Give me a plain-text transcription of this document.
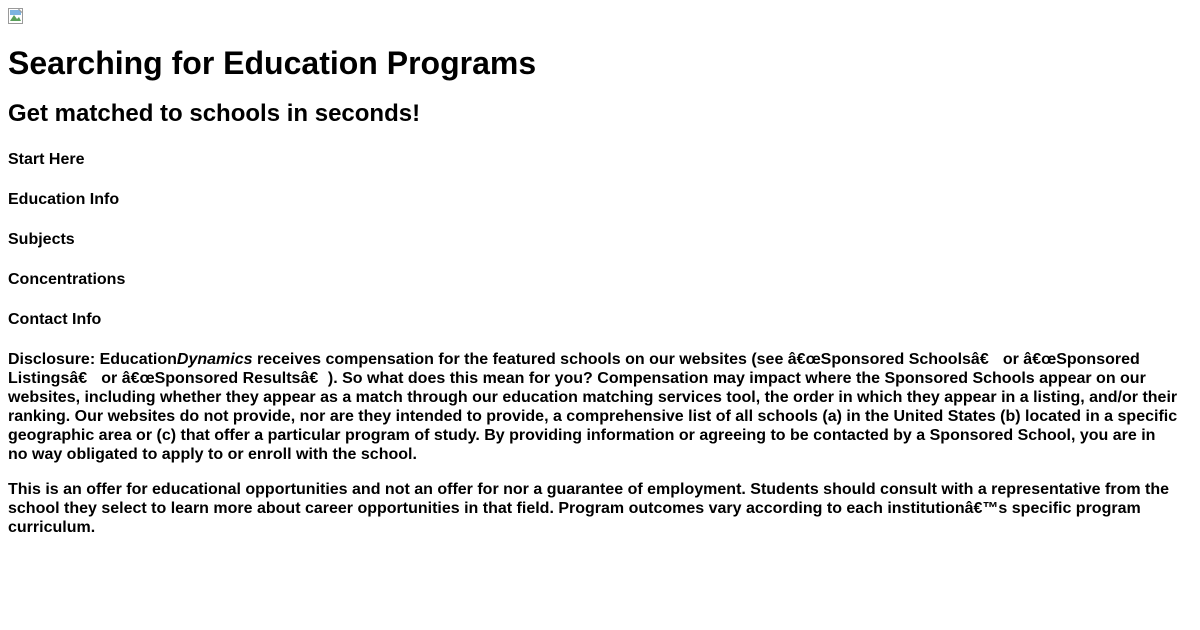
Searching for Education Programs
Get matched to schools in seconds!

Start Here

Education Info

Subjects

Concentrations

Contact Info

Disclosure: EducationDynamics receives compensation for the featured schools on our websites (see â€œSponsored Schoolsâ€ or â€œSponsored Listingsâ€ or â€œSponsored Resultsâ€). So what does this mean for you? Compensation may impact where the Sponsored Schools appear on our websites, including whether they appear as a match through our education matching services tool, the order in which they appear in a listing, and/or their ranking. Our websites do not provide, nor are they intended to provide, a comprehensive list of all schools (a) in the United States (b) located in a specific geographic area or (c) that offer a particular program of study. By providing information or agreeing to be contacted by a Sponsored School, you are in no way obligated to apply to or enroll with the school.

This is an offer for educational opportunities and not an offer for nor a guarantee of employment. Students should consult with a representative from the school they select to learn more about career opportunities in that field. Program outcomes vary according to each institutionâ€™s specific program curriculum.
